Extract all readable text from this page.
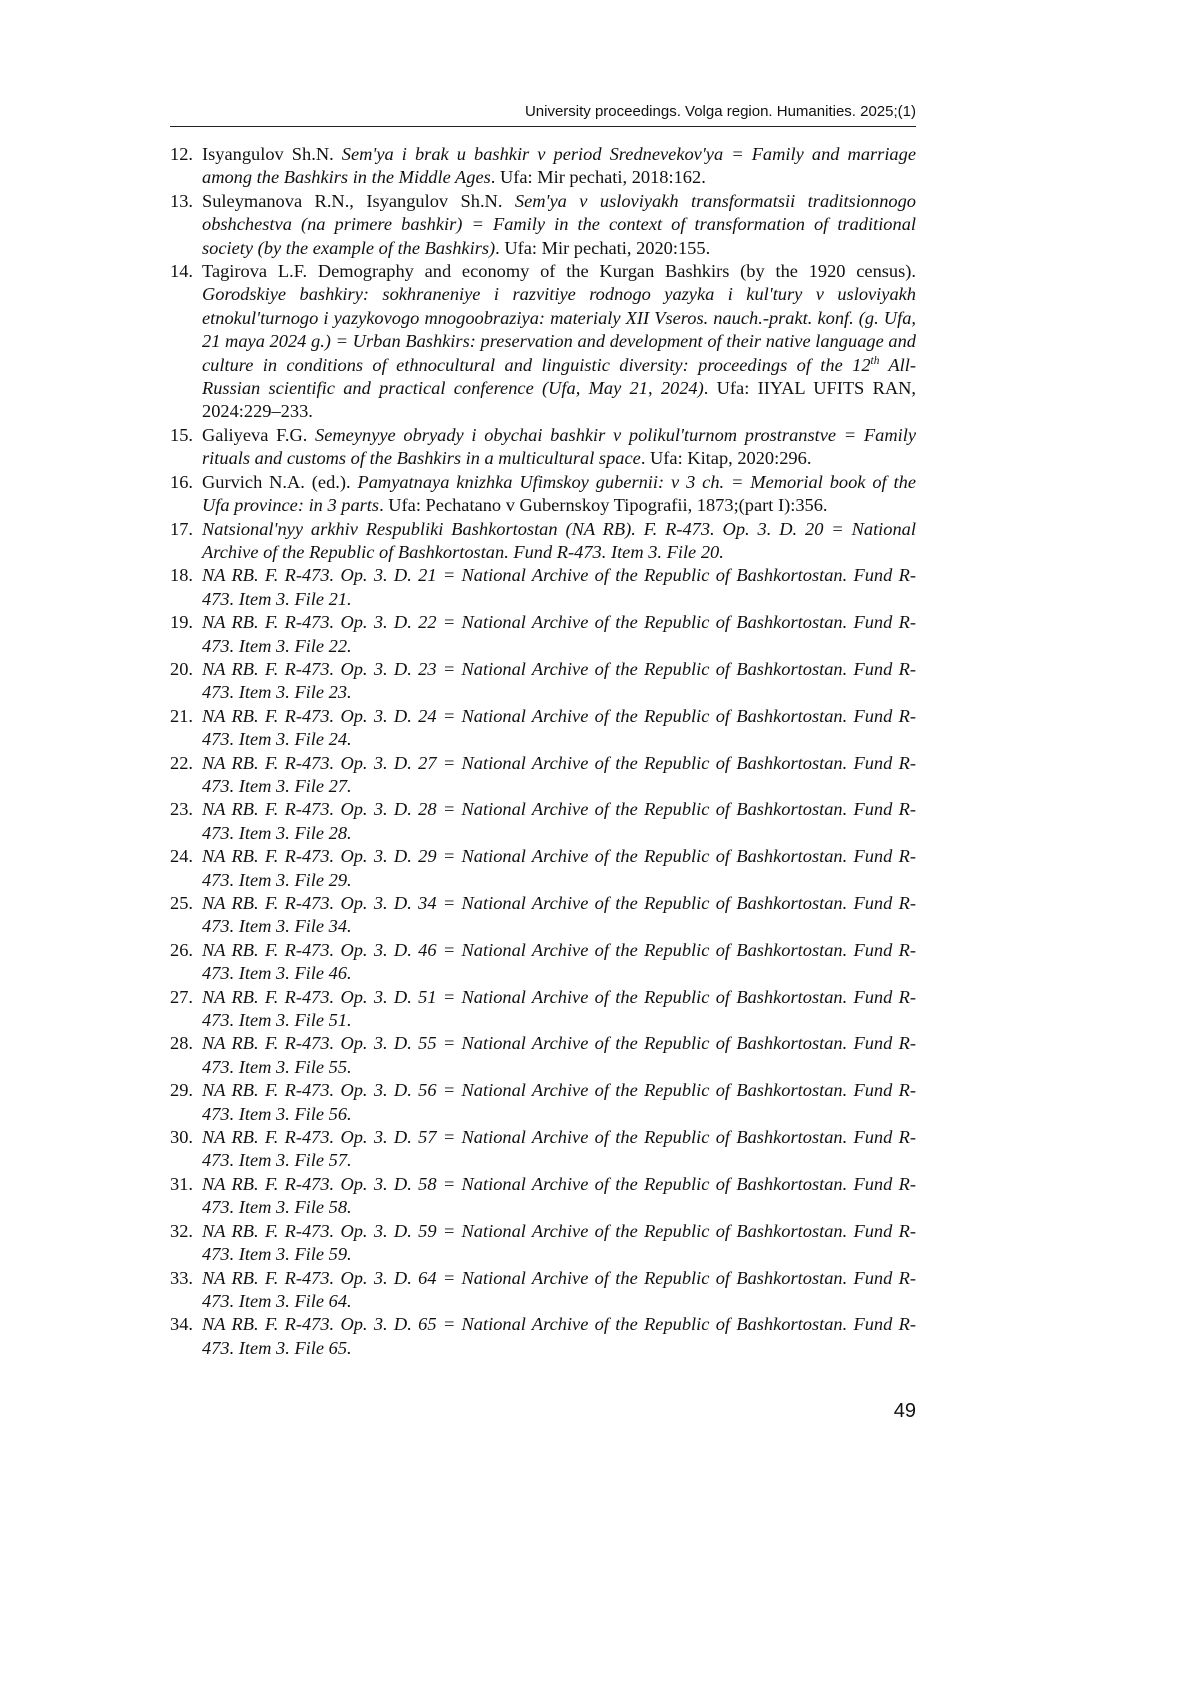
University proceedings. Volga region. Humanities. 2025;(1)
12. Isyangulov Sh.N. Sem'ya i brak u bashkir v period Srednevekov'ya = Family and marriage among the Bashkirs in the Middle Ages. Ufa: Mir pechati, 2018:162.
13. Suleymanova R.N., Isyangulov Sh.N. Sem'ya v usloviyakh transformatsii traditsionnogo obshchestva (na primere bashkir) = Family in the context of transformation of traditional society (by the example of the Bashkirs). Ufa: Mir pechati, 2020:155.
14. Tagirova L.F. Demography and economy of the Kurgan Bashkirs (by the 1920 census). Gorodskiye bashkiry: sokhraneniye i razvitiye rodnogo yazyka i kul'tury v usloviyakh etnokul'turnogo i yazykovogo mnogoobraziya: materialy XII Vseros. nauch.-prakt. konf. (g. Ufa, 21 maya 2024 g.) = Urban Bashkirs: preservation and development of their native language and culture in conditions of ethnocultural and linguistic diversity: proceedings of the 12th All-Russian scientific and practical conference (Ufa, May 21, 2024). Ufa: IIYAL UFITS RAN, 2024:229–233.
15. Galiyeva F.G. Semeynyye obryady i obychai bashkir v polikul'turnom prostranstve = Family rituals and customs of the Bashkirs in a multicultural space. Ufa: Kitap, 2020:296.
16. Gurvich N.A. (ed.). Pamyatnaya knizhka Ufimskoy gubernii: v 3 ch. = Memorial book of the Ufa province: in 3 parts. Ufa: Pechatano v Gubernskoy Tipografii, 1873;(part I):356.
17. Natsional'nyy arkhiv Respubliki Bashkortostan (NA RB). F. R-473. Op. 3. D. 20 = National Archive of the Republic of Bashkortostan. Fund R-473. Item 3. File 20.
18. NA RB. F. R-473. Op. 3. D. 21 = National Archive of the Republic of Bashkortostan. Fund R-473. Item 3. File 21.
19. NA RB. F. R-473. Op. 3. D. 22 = National Archive of the Republic of Bashkortostan. Fund R-473. Item 3. File 22.
20. NA RB. F. R-473. Op. 3. D. 23 = National Archive of the Republic of Bashkortostan. Fund R-473. Item 3. File 23.
21. NA RB. F. R-473. Op. 3. D. 24 = National Archive of the Republic of Bashkortostan. Fund R-473. Item 3. File 24.
22. NA RB. F. R-473. Op. 3. D. 27 = National Archive of the Republic of Bashkortostan. Fund R-473. Item 3. File 27.
23. NA RB. F. R-473. Op. 3. D. 28 = National Archive of the Republic of Bashkortostan. Fund R-473. Item 3. File 28.
24. NA RB. F. R-473. Op. 3. D. 29 = National Archive of the Republic of Bashkortostan. Fund R-473. Item 3. File 29.
25. NA RB. F. R-473. Op. 3. D. 34 = National Archive of the Republic of Bashkortostan. Fund R-473. Item 3. File 34.
26. NA RB. F. R-473. Op. 3. D. 46 = National Archive of the Republic of Bashkortostan. Fund R-473. Item 3. File 46.
27. NA RB. F. R-473. Op. 3. D. 51 = National Archive of the Republic of Bashkortostan. Fund R-473. Item 3. File 51.
28. NA RB. F. R-473. Op. 3. D. 55 = National Archive of the Republic of Bashkortostan. Fund R-473. Item 3. File 55.
29. NA RB. F. R-473. Op. 3. D. 56 = National Archive of the Republic of Bashkortostan. Fund R-473. Item 3. File 56.
30. NA RB. F. R-473. Op. 3. D. 57 = National Archive of the Republic of Bashkortostan. Fund R-473. Item 3. File 57.
31. NA RB. F. R-473. Op. 3. D. 58 = National Archive of the Republic of Bashkortostan. Fund R-473. Item 3. File 58.
32. NA RB. F. R-473. Op. 3. D. 59 = National Archive of the Republic of Bashkortostan. Fund R-473. Item 3. File 59.
33. NA RB. F. R-473. Op. 3. D. 64 = National Archive of the Republic of Bashkortostan. Fund R-473. Item 3. File 64.
34. NA RB. F. R-473. Op. 3. D. 65 = National Archive of the Republic of Bashkortostan. Fund R-473. Item 3. File 65.
49
